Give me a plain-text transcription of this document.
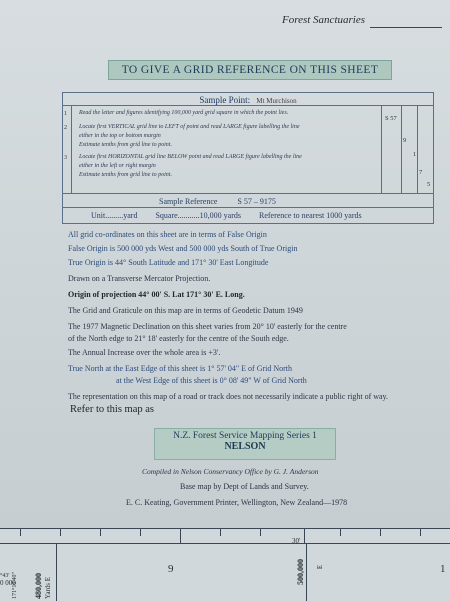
Forest Sanctuaries
TO GIVE A GRID REFERENCE ON THIS SHEET
Sample Point: Mt Murchison
1 Read the letter and figures identifying 100,000 yard grid square in which the point lies.
2 Locate first VERTICAL grid line to LEFT of point and read LARGE figure labelling the line
either in the top or bottom margin
Estimate tenths from grid line to point.
3 Locate first HORIZONTAL grid line BELOW point and read LARGE figure labelling the line
either in the left or right margin
Estimate tenths from grid line to point.
S 57
9
1
7
5
Sample Reference	S 57 – 9175
Unit.........yard Square...........10,000 yards Reference to nearest 1000 yards
All grid co-ordinates on this sheet are in terms of False Origin
False Origin is 500 000 yds West and 500 000 yds South of True Origin
True Origin is 44° South Latitude and 171° 30' East Longitude
Drawn on a Transverse Mercator Projection.
Origin of projection 44° 00' S. Lat 171° 30' E. Long.
The Grid and Graticule on this map are in terms of Geodetic Datum 1949
The 1977 Magnetic Declination on this sheet varies from 20° 10' easterly for the centre
of the North edge to 21° 18' easterly for the centre of the South edge.
The Annual Increase over the whole area is +3'.
True North at the East Edge of this sheet is 1° 57' 04" E of Grid North
at the West Edge of this sheet is 0° 08' 49" W of Grid North
The representation on this map of a road or track does not necessarily indicate a public right of way.
Refer to this map as
N.Z. Forest Service Mapping Series 1
NELSON
Compiled in Nelson Conservancy Office by G. J. Anderson
Base map by Dept of Lands and Survey.
E. C. Keating, Government Printer, Wellington, New Zealand—1978
30'
9	1
500,000 E
480,000 Yards E
171°16'40"
°43'
0 000
